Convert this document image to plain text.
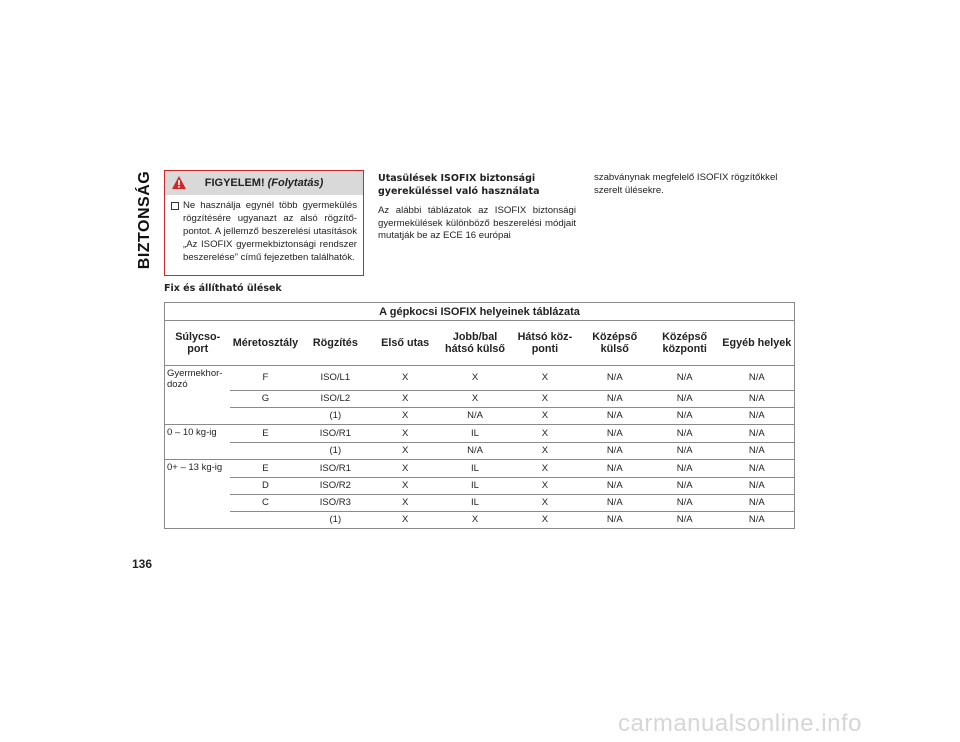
BIZTONSÁG	FIGYELEM! (Folytatás)
Ne használja egynél több gyermekülés rögzítésére ugyanazt az alsó rögzítőpontot. A jellemző beszerelési utasítások „Az ISOFIX gyermekbiztonsági rendszer beszerelése” című fejezetben találhatók.
Utasülések ISOFIX biztonsági gyereküléssel való használata
Az alábbi táblázatok az ISOFIX biztonsági gyermekülések különböző beszerelési módjait mutatják be az ECE 16 európai
szabványnak megfelelő ISOFIX rögzítőkkel szerelt ülésekre.
Fix és állítható ülések
A gépkocsi ISOFIX helyeinek táblázata								
Súlycsoport	Méretosztály	Rögzítés	Első utas	Jobb/bal hátsó külső	Hátsó központi	Középső külső	Középső központi	Egyéb helyek
Gyermekhordozó	F	ISO/L1	X	X	X	N/A	N/A	N/A
	G	ISO/L2	X	X	X	N/A	N/A	N/A
		(1)	X	N/A	X	N/A	N/A	N/A
0 – 10 kg-ig	E	ISO/R1	X	IL	X	N/A	N/A	N/A
		(1)	X	N/A	X	N/A	N/A	N/A
0+ – 13 kg-ig	E	ISO/R1	X	IL	X	N/A	N/A	N/A
	D	ISO/R2	X	IL	X	N/A	N/A	N/A
	C	ISO/R3	X	IL	X	N/A	N/A	N/A
		(1)	X	X	X	N/A	N/A	N/A
136
carmanualsonline.info
